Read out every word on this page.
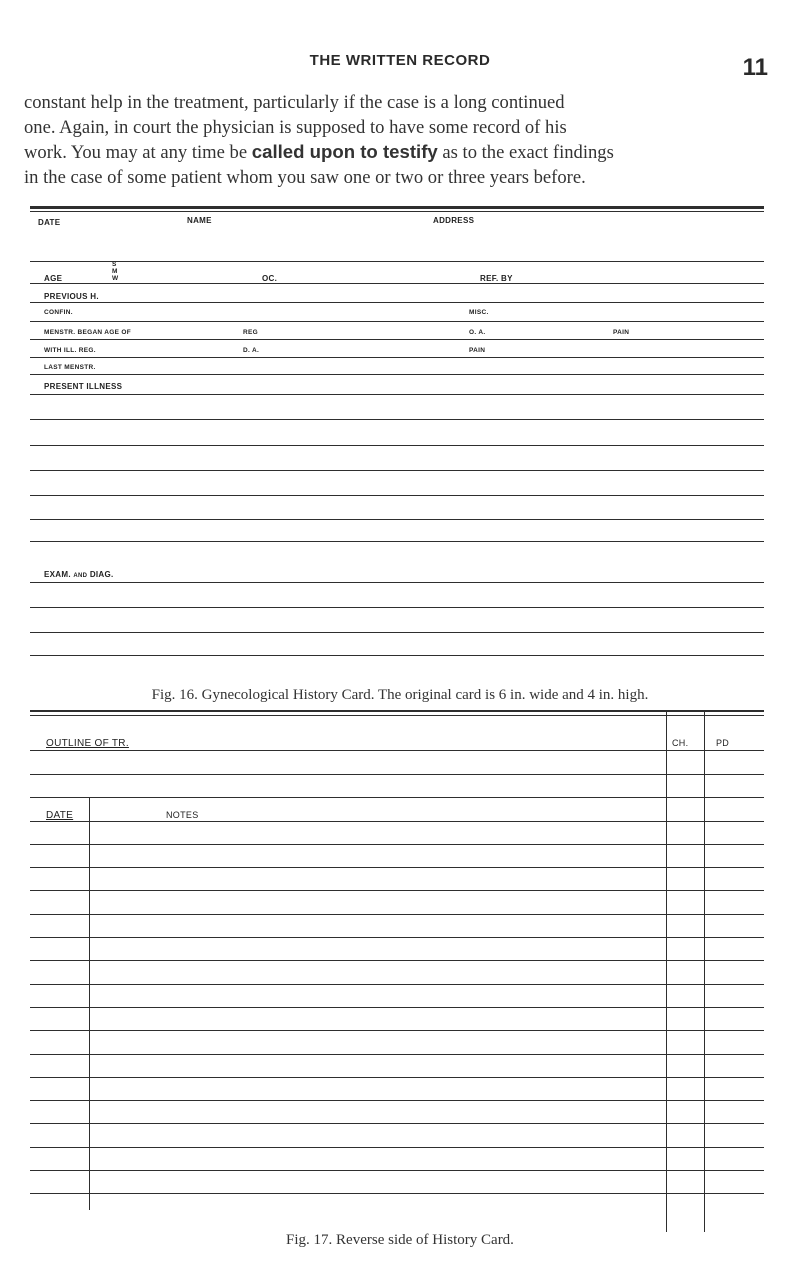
THE WRITTEN RECORD	11

constant help in the treatment, particularly if the case is a long continued

one. Again, in court the physician is supposed to have some record of his

work. You may at any time be called upon to testify as to the exact findings

in the case of some patient whom you saw one or two or three years before.

DATE	NAME	ADDRESS
S
M
W
AGE	OC.	REF. BY
PREVIOUS H.
CONFIN.	MISC.
MENSTR. BEGAN AGE OF	REG	O. A.	PAIN
WITH ILL. REG.	D. A.	PAIN
LAST MENSTR.
PRESENT ILLNESS
EXAM. AND DIAG.
Fig. 16. Gynecological History Card. The original card is 6 in. wide and 4 in. high.
OUTLINE OF TR.	CH.	PD
DATE	NOTES
Fig. 17. Reverse side of History Card.
